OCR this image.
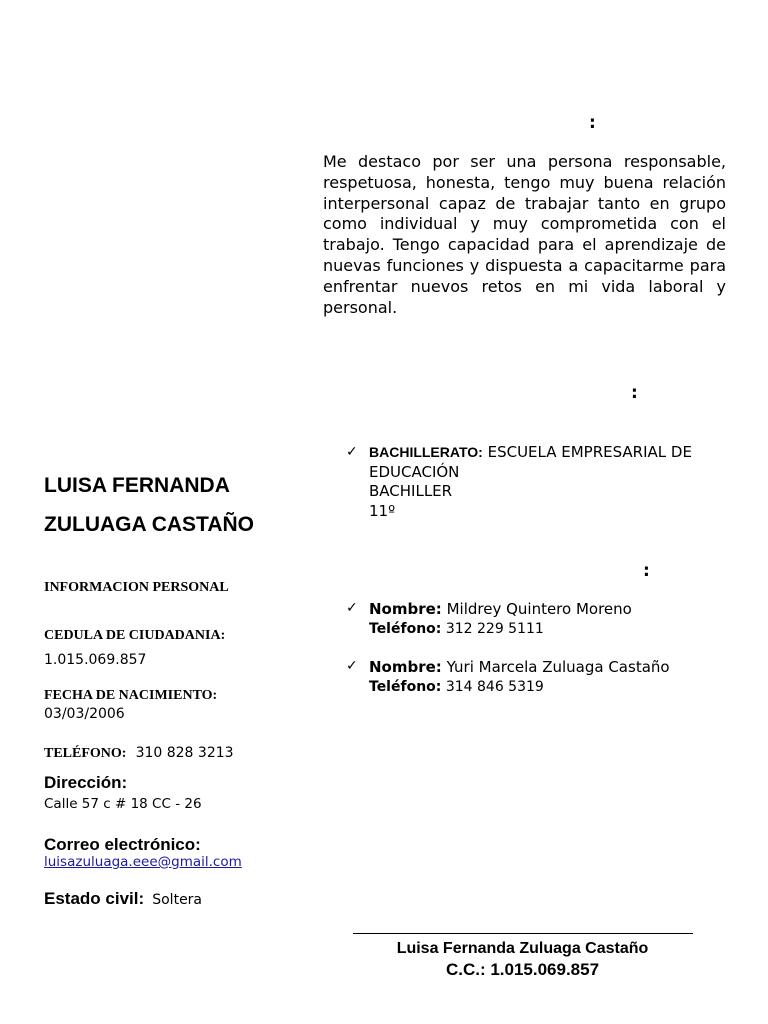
:
Me destaco por ser una persona responsable, respetuosa, honesta, tengo muy buena relación interpersonal capaz de trabajar tanto en grupo como individual y muy comprometida con el trabajo. Tengo capacidad para el aprendizaje de nuevas funciones y dispuesta a capacitarme para enfrentar nuevos retos en mi vida laboral y personal.
:
✓ BACHILLERATO: ESCUELA EMPRESARIAL DE
EDUCACIÓN
BACHILLER
11º
:
✓ Nombre: Mildrey Quintero Moreno
Teléfono: 312 229 5111
✓ Nombre: Yuri Marcela Zuluaga Castaño
Teléfono: 314 846 5319
LUISA FERNANDA
ZULUAGA CASTAÑO
INFORMACION PERSONAL
CEDULA DE CIUDADANIA:
1.015.069.857
FECHA DE NACIMIENTO:
03/03/2006
TELÉFONO: 310 828 3213
Dirección:
Calle 57 c # 18 CC - 26
Correo electrónico:
luisazuluaga.eee@gmail.com
Estado civil: Soltera
Luisa Fernanda Zuluaga Castaño
C.C.: 1.015.069.857
